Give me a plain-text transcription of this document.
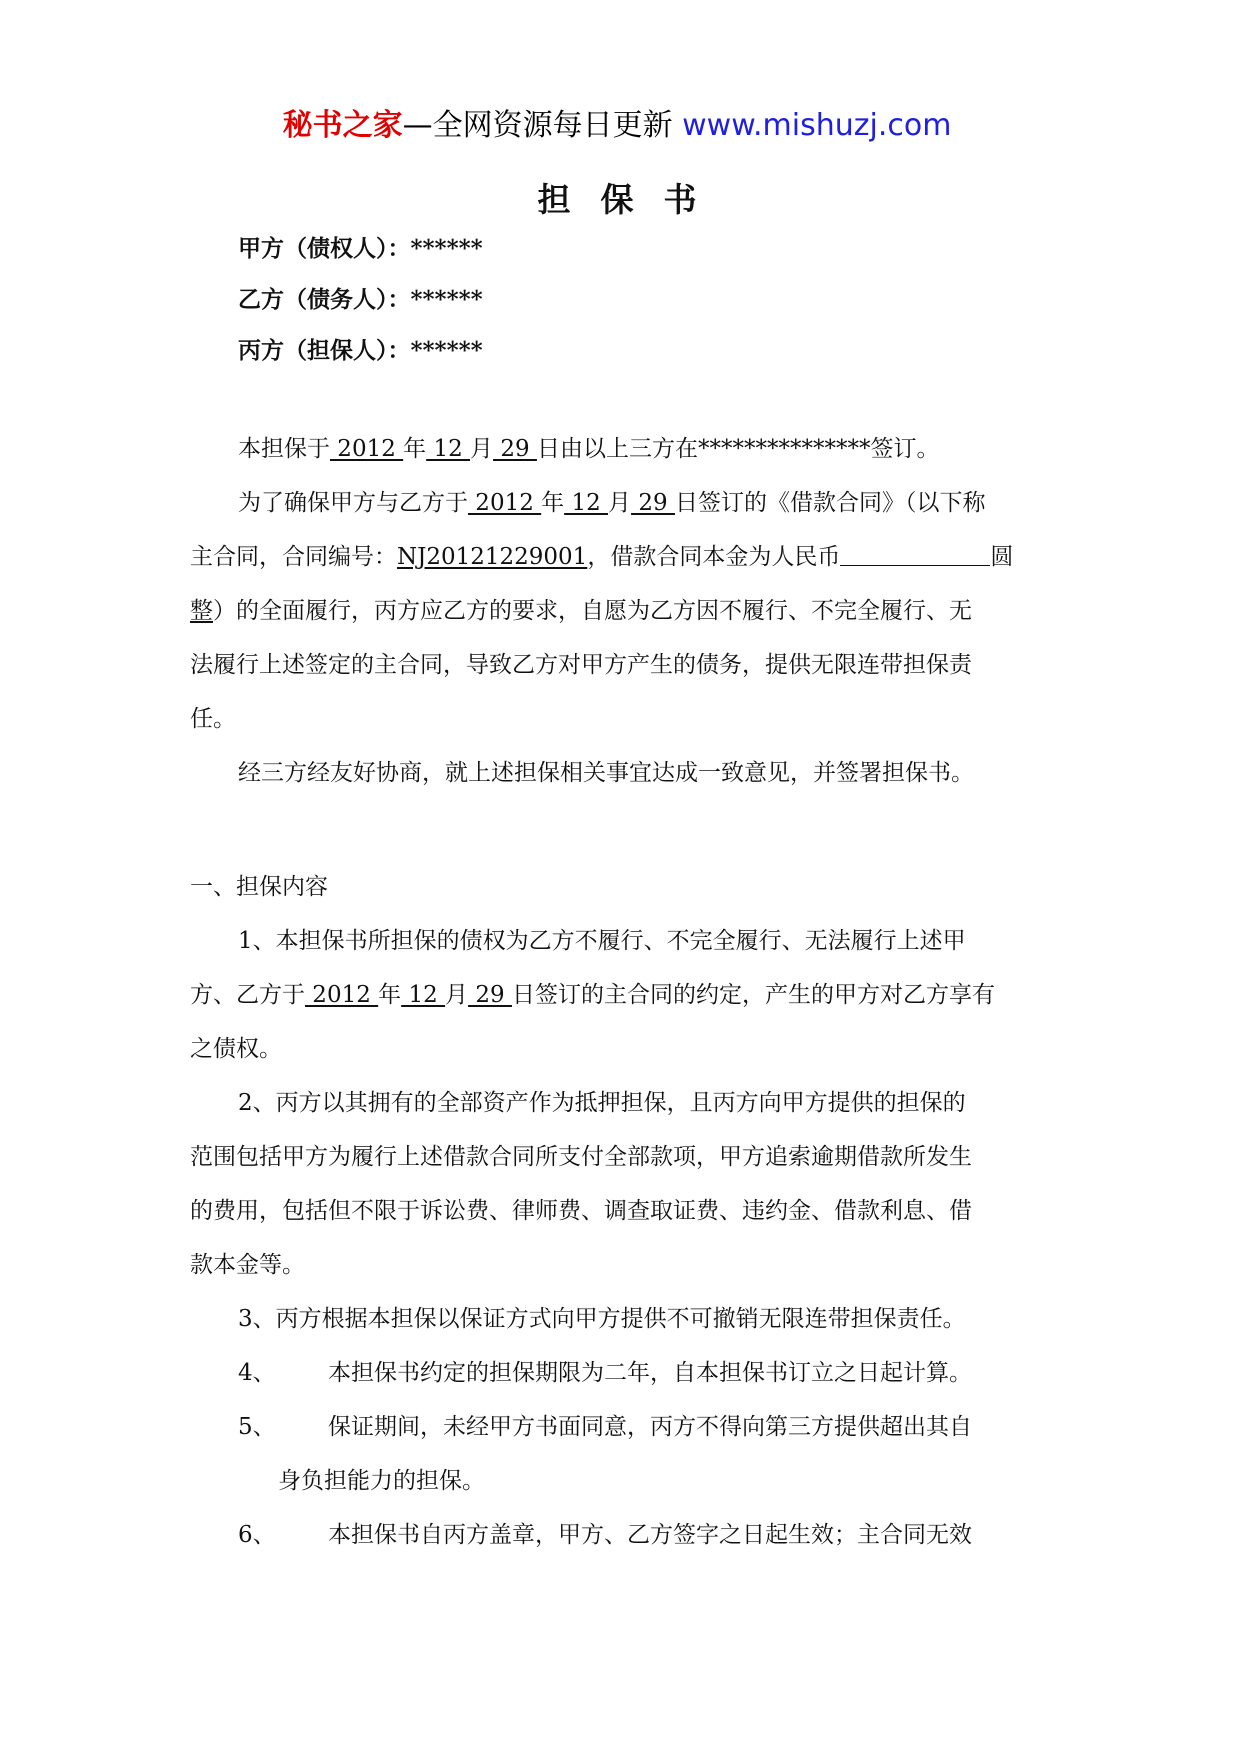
秘书之家—全网资源每日更新 www.mishuzj.com
担保书
甲方（债权人）：******
乙方（债务人）：******
丙方（担保人）：******
本担保于 2012 年 12 月 29 日由以上三方在***************签订。
为了确保甲方与乙方于 2012 年 12 月 29 日签订的《借款合同》（以下称
主合同，合同编号：NJ20121229001，借款合同本金为人民币	圆
整）的全面履行，丙方应乙方的要求，自愿为乙方因不履行、不完全履行、无
法履行上述签定的主合同，导致乙方对甲方产生的债务，提供无限连带担保责
任。
经三方经友好协商，就上述担保相关事宜达成一致意见，并签署担保书。
一、担保内容
1、本担保书所担保的债权为乙方不履行、不完全履行、无法履行上述甲
方、乙方于 2012 年 12 月 29 日签订的主合同的约定，产生的甲方对乙方享有
之债权。
2、丙方以其拥有的全部资产作为抵押担保，且丙方向甲方提供的担保的
范围包括甲方为履行上述借款合同所支付全部款项，甲方追索逾期借款所发生
的费用，包括但不限于诉讼费、律师费、调查取证费、违约金、借款利息、借
款本金等。
3、丙方根据本担保以保证方式向甲方提供不可撤销无限连带担保责任。
4、 本担保书约定的担保期限为二年，自本担保书订立之日起计算。
5、 保证期间，未经甲方书面同意，丙方不得向第三方提供超出其自
身负担能力的担保。
6、 本担保书自丙方盖章，甲方、乙方签字之日起生效；主合同无效
